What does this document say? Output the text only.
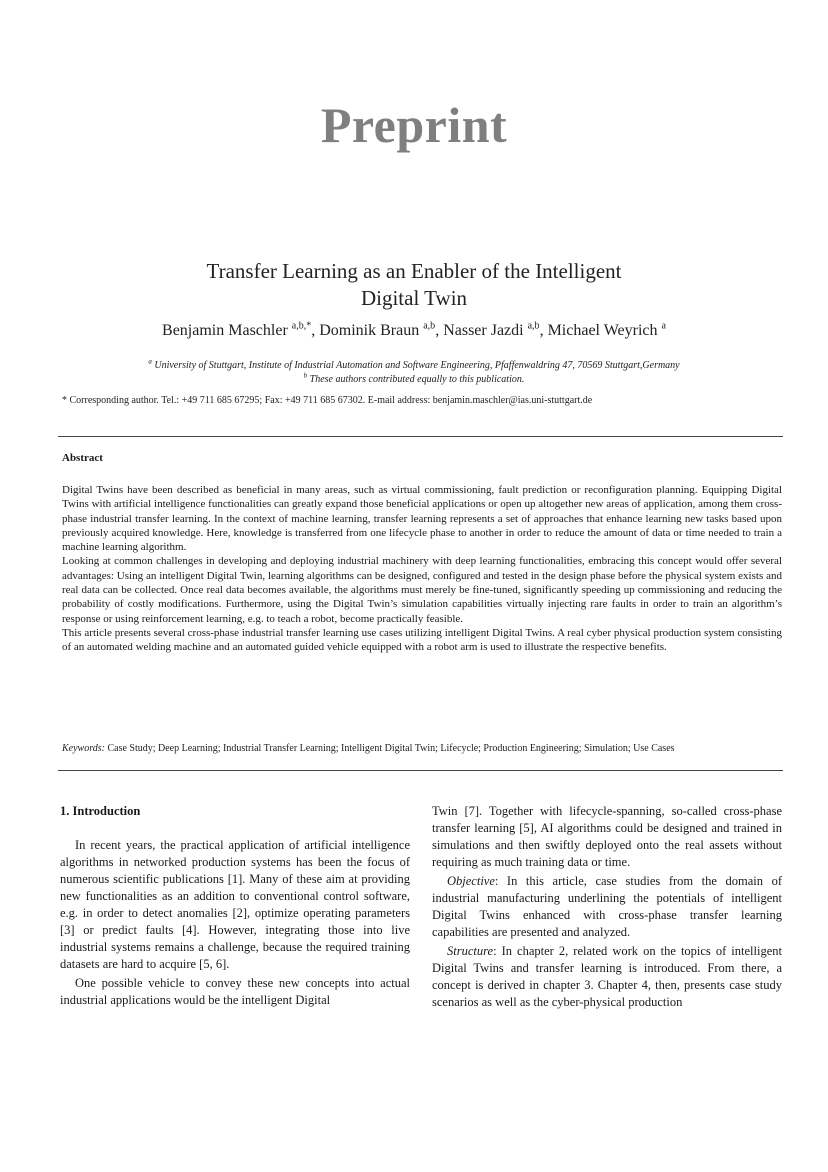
Preprint
Transfer Learning as an Enabler of the Intelligent
Digital Twin
Benjamin Maschler $^{a,b,*}$, Dominik Braun $^{a,b}$, Nasser Jazdi $^{a,b}$, Michael Weyrich $^a$
$^a$ University of Stuttgart, Institute of Industrial Automation and Software Engineering, Pfaffenwaldring 47, 70569 Stuttgart,Germany
$^b$ These authors contributed equally to this publication.
* Corresponding author. Tel.: +49 711 685 67295; Fax: +49 711 685 67302. E-mail address: benjamin.maschler@ias.uni-stuttgart.de
Abstract

Digital Twins have been described as beneficial in many areas, such as virtual commissioning, fault prediction or reconfiguration planning. Equipping Digital Twins with artificial intelligence functionalities can greatly expand those beneficial applications or open up altogether new areas of application, among them cross-phase industrial transfer learning. In the context of machine learning, transfer learning represents a set of approaches that enhance learning new tasks based upon previously acquired knowledge. Here, knowledge is transferred from one lifecycle phase to another in order to reduce the amount of data or time needed to train a machine learning algorithm.

Looking at common challenges in developing and deploying industrial machinery with deep learning functionalities, embracing this concept would offer several advantages: Using an intelligent Digital Twin, learning algorithms can be designed, configured and tested in the design phase before the physical system exists and real data can be collected. Once real data becomes available, the algorithms must merely be fine-tuned, significantly speeding up commissioning and reducing the probability of costly modifications. Furthermore, using the Digital Twin’s simulation capabilities virtually injecting rare faults in order to train an algorithm’s response or using reinforcement learning, e.g. to teach a robot, become practically feasible.

This article presents several cross-phase industrial transfer learning use cases utilizing intelligent Digital Twins. A real cyber physical production system consisting of an automated welding machine and an automated guided vehicle equipped with a robot arm is used to illustrate the respective benefits.

Keywords: Case Study; Deep Learning; Industrial Transfer Learning; Intelligent Digital Twin; Lifecycle; Production Engineering; Simulation; Use Cases
1. Introduction

In recent years, the practical application of artificial intelligence algorithms in networked production systems has been the focus of numerous scientific publications [1]. Many of these aim at providing new functionalities as an addition to conventional control software, e.g. in order to detect anomalies [2], optimize operating parameters [3] or predict faults [4]. However, integrating those into live industrial systems remains a challenge, because the required training datasets are hard to acquire [5, 6].

One possible vehicle to convey these new concepts into actual industrial applications would be the intelligent Digital

Twin [7]. Together with lifecycle-spanning, so-called cross-phase transfer learning [5], AI algorithms could be designed and trained in simulations and then swiftly deployed onto the real assets without requiring as much training data or time.

Objective: In this article, case studies from the domain of industrial manufacturing underlining the potentials of intelligent Digital Twins enhanced with cross-phase transfer learning capabilities are presented and analyzed.

Structure: In chapter 2, related work on the topics of intelligent Digital Twins and transfer learning is introduced. From there, a concept is derived in chapter 3. Chapter 4, then, presents case study scenarios as well as the cyber-physical production
